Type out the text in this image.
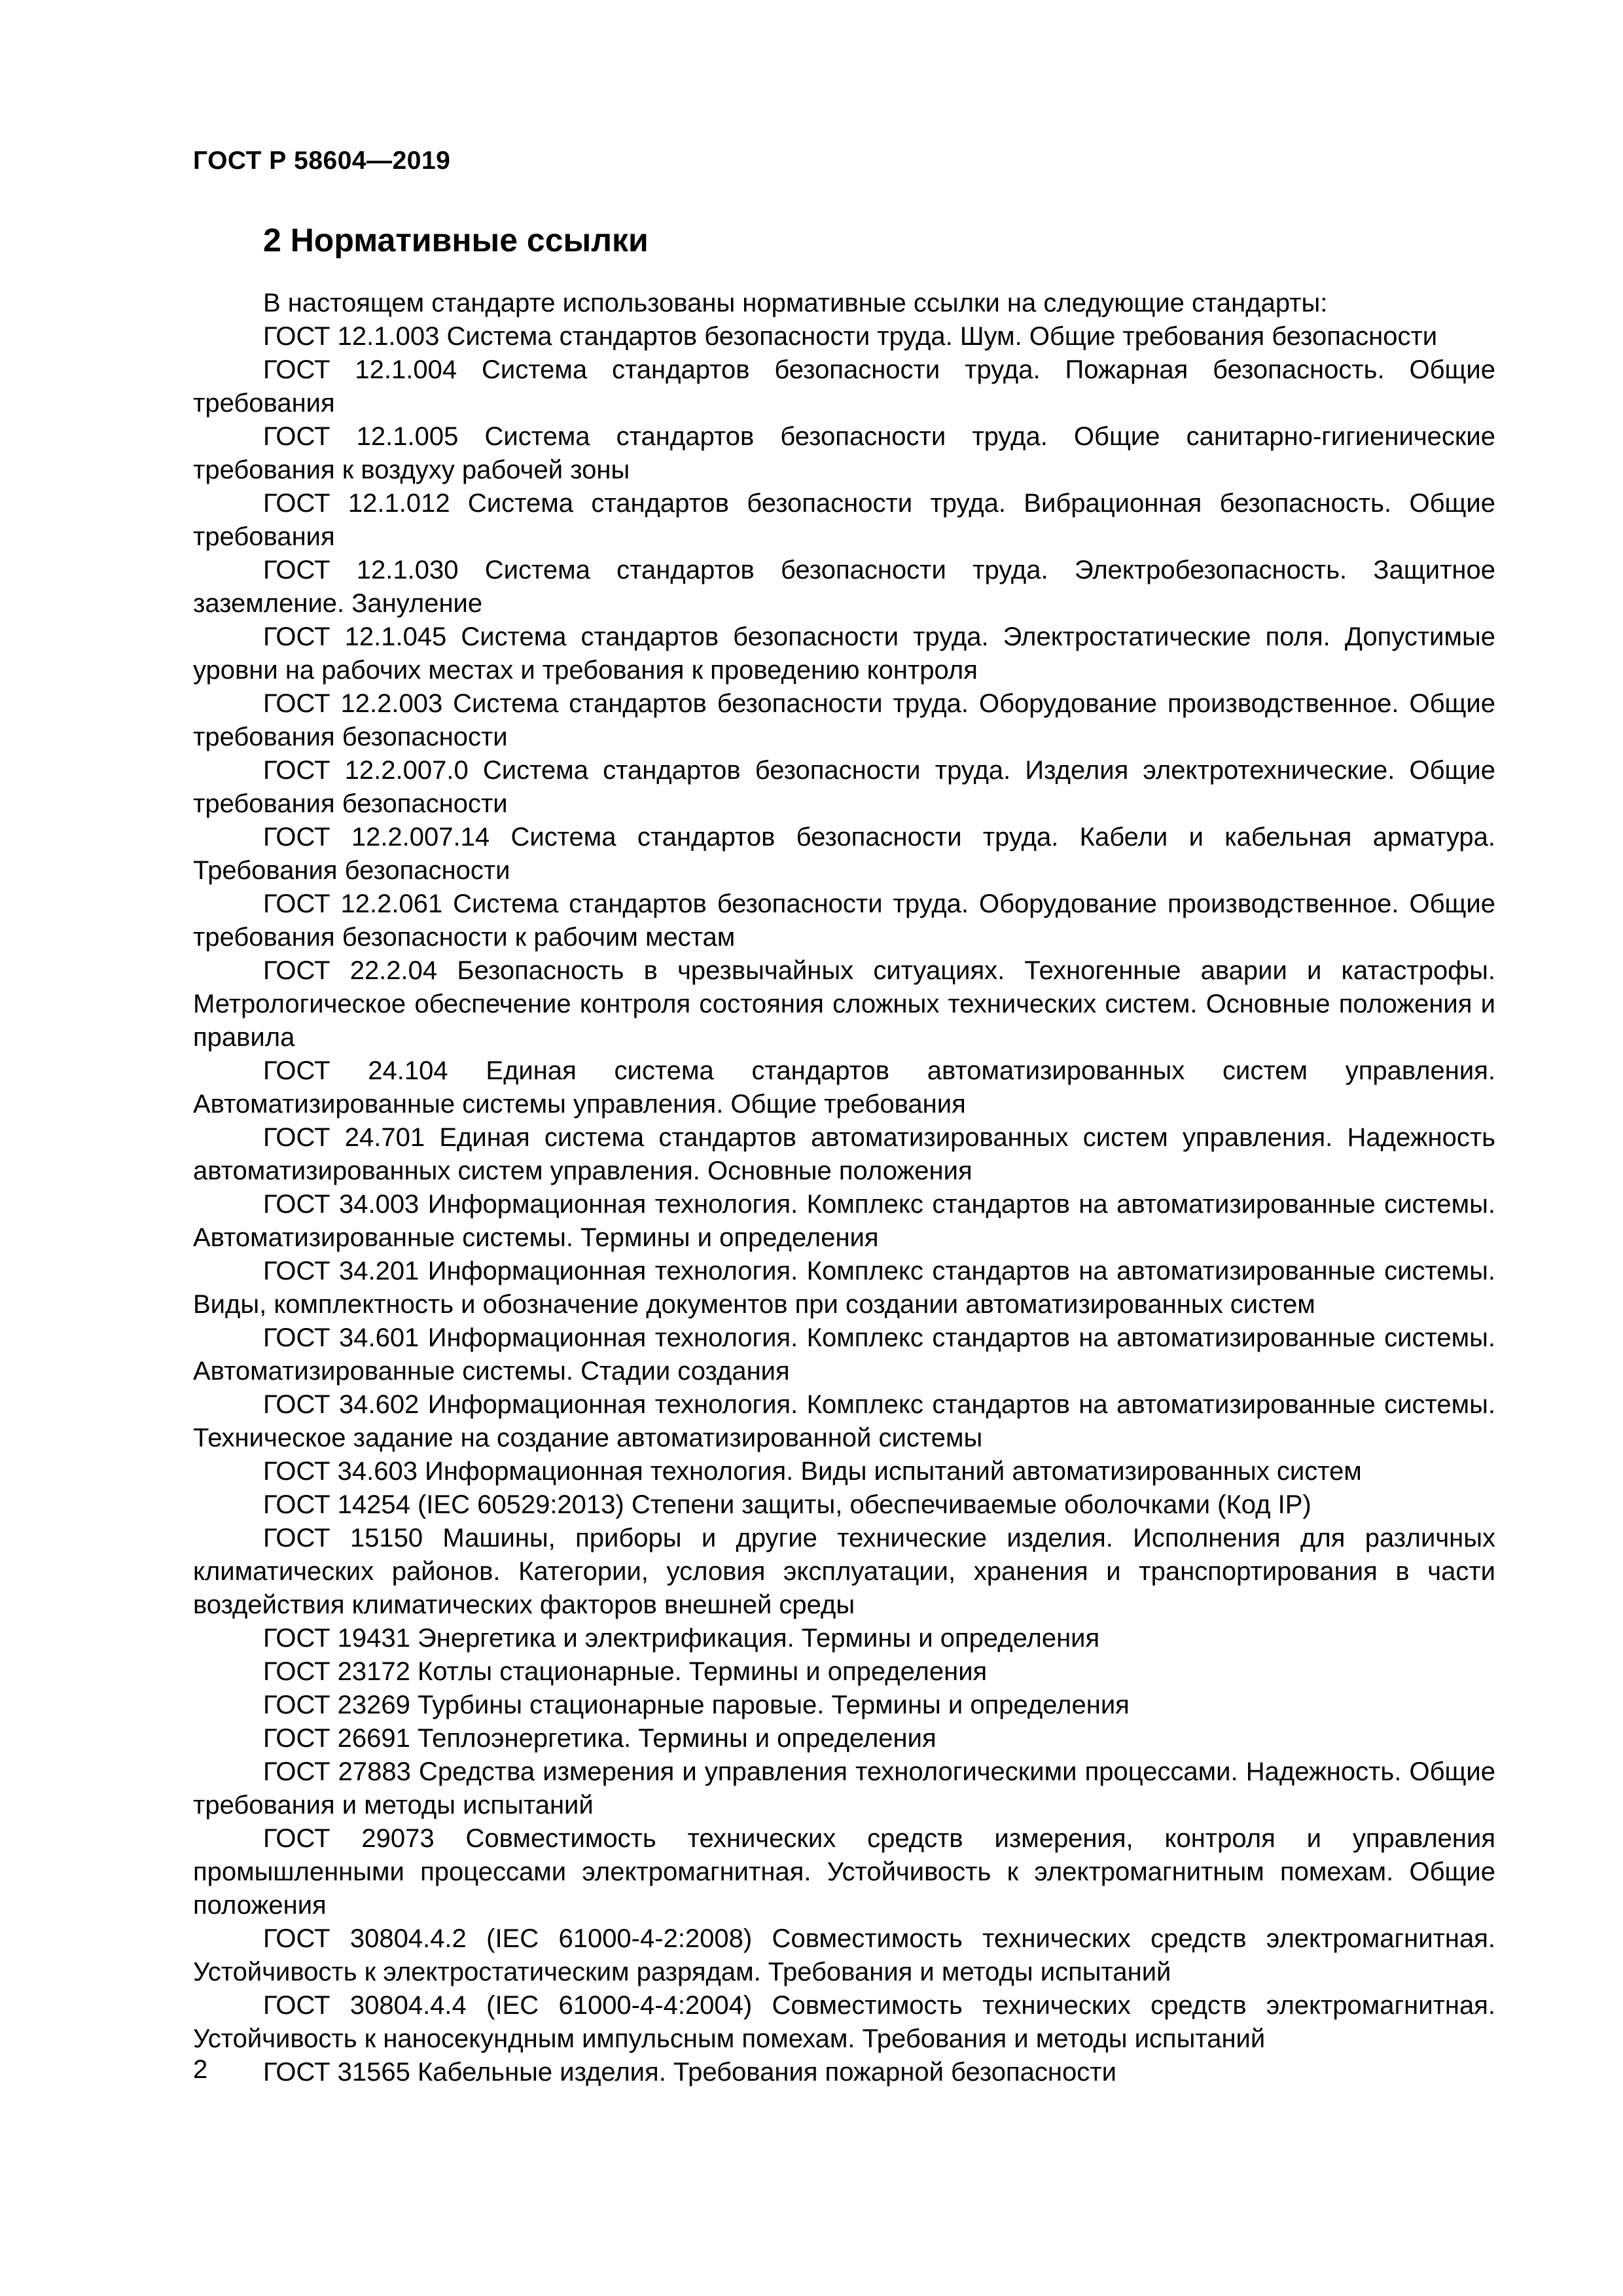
ГОСТ Р 58604—2019
2 Нормативные ссылки

В настоящем стандарте использованы нормативные ссылки на следующие стандарты:

ГОСТ 12.1.003 Система стандартов безопасности труда. Шум. Общие требования безопасности

ГОСТ 12.1.004 Система стандартов безопасности труда. Пожарная безопасность. Общие требования

ГОСТ 12.1.005 Система стандартов безопасности труда. Общие санитарно-гигиенические требования к воздуху рабочей зоны

ГОСТ 12.1.012 Система стандартов безопасности труда. Вибрационная безопасность. Общие требования

ГОСТ 12.1.030 Система стандартов безопасности труда. Электробезопасность. Защитное заземление. Зануление

ГОСТ 12.1.045 Система стандартов безопасности труда. Электростатические поля. Допустимые уровни на рабочих местах и требования к проведению контроля

ГОСТ 12.2.003 Система стандартов безопасности труда. Оборудование производственное. Общие требования безопасности

ГОСТ 12.2.007.0 Система стандартов безопасности труда. Изделия электротехнические. Общие требования безопасности

ГОСТ 12.2.007.14 Система стандартов безопасности труда. Кабели и кабельная арматура. Требования безопасности

ГОСТ 12.2.061 Система стандартов безопасности труда. Оборудование производственное. Общие требования безопасности к рабочим местам

ГОСТ 22.2.04 Безопасность в чрезвычайных ситуациях. Техногенные аварии и катастрофы. Метрологическое обеспечение контроля состояния сложных технических систем. Основные положения и правила

ГОСТ 24.104 Единая система стандартов автоматизированных систем управления. Автоматизированные системы управления. Общие требования

ГОСТ 24.701 Единая система стандартов автоматизированных систем управления. Надежность автоматизированных систем управления. Основные положения

ГОСТ 34.003 Информационная технология. Комплекс стандартов на автоматизированные системы. Автоматизированные системы. Термины и определения

ГОСТ 34.201 Информационная технология. Комплекс стандартов на автоматизированные системы. Виды, комплектность и обозначение документов при создании автоматизированных систем

ГОСТ 34.601 Информационная технология. Комплекс стандартов на автоматизированные системы. Автоматизированные системы. Стадии создания

ГОСТ 34.602 Информационная технология. Комплекс стандартов на автоматизированные системы. Техническое задание на создание автоматизированной системы

ГОСТ 34.603 Информационная технология. Виды испытаний автоматизированных систем

ГОСТ 14254 (IEC 60529:2013) Степени защиты, обеспечиваемые оболочками (Код IP)

ГОСТ 15150 Машины, приборы и другие технические изделия. Исполнения для различных климатических районов. Категории, условия эксплуатации, хранения и транспортирования в части воздействия климатических факторов внешней среды

ГОСТ 19431 Энергетика и электрификация. Термины и определения

ГОСТ 23172 Котлы стационарные. Термины и определения

ГОСТ 23269 Турбины стационарные паровые. Термины и определения

ГОСТ 26691 Теплоэнергетика. Термины и определения

ГОСТ 27883 Средства измерения и управления технологическими процессами. Надежность. Общие требования и методы испытаний

ГОСТ 29073 Совместимость технических средств измерения, контроля и управления промышленными процессами электромагнитная. Устойчивость к электромагнитным помехам. Общие положения

ГОСТ 30804.4.2 (IEC 61000-4-2:2008) Совместимость технических средств электромагнитная. Устойчивость к электростатическим разрядам. Требования и методы испытаний

ГОСТ 30804.4.4 (IEC 61000-4-4:2004) Совместимость технических средств электромагнитная. Устойчивость к наносекундным импульсным помехам. Требования и методы испытаний

ГОСТ 31565 Кабельные изделия. Требования пожарной безопасности

2
